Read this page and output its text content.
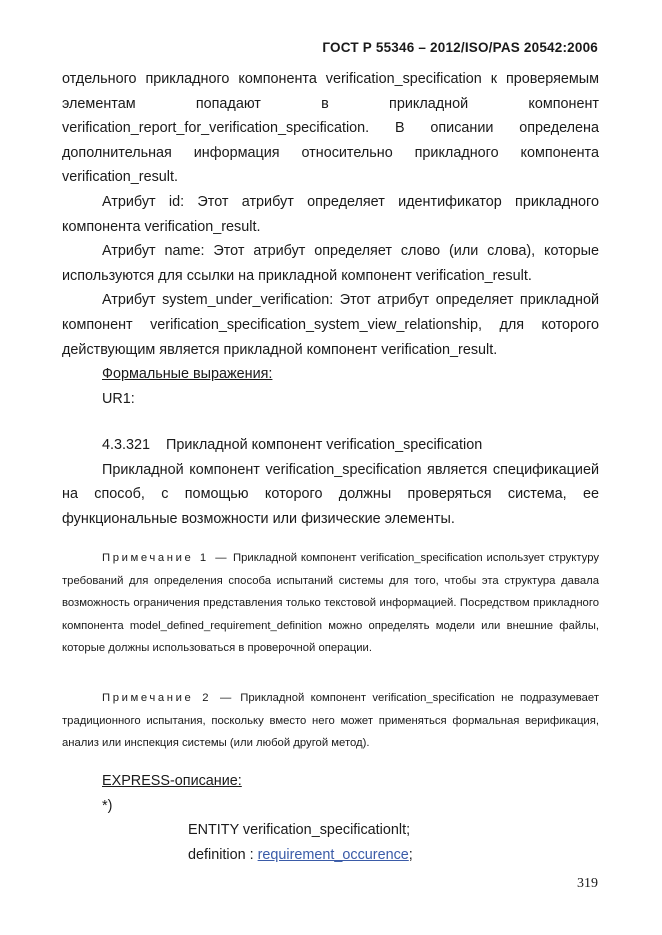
ГОСТ Р 55346 – 2012/ISO/PAS 20542:2006

отдельного прикладного компонента verification_specification к проверяемым элементам попадают в прикладной компонент verification_report_for_verification_specification. В описании определена дополнительная информация относительно прикладного компонента verification_result.

Атрибут id: Этот атрибут определяет идентификатор прикладного компонента verification_result.

Атрибут name: Этот атрибут определяет слово (или слова), которые используются для ссылки на прикладной компонент verification_result.

Атрибут system_under_verification: Этот атрибут определяет прикладной компонент verification_specification_system_view_relationship, для которого действующим является прикладной компонент verification_result.

Формальные выражения:

UR1:

4.3.321 Прикладной компонент verification_specification

Прикладной компонент verification_specification является спецификацией на способ, с помощью которого должны проверяться система, ее функциональные возможности или физические элементы.

Примечание 1 — Прикладной компонент verification_specification использует структуру требований для определения способа испытаний системы для того, чтобы эта структура давала возможность ограничения представления только текстовой информацией. Посредством прикладного компонента model_defined_requirement_definition можно определять модели или внешние файлы, которые должны использоваться в проверочной операции.

Примечание 2 — Прикладной компонент verification_specification не подразумевает традиционного испытания, поскольку вместо него может применяться формальная верификация, анализ или инспекция системы (или любой другой метод).

EXPRESS-описание:

*)

ENTITY verification_specificationlt;

definition : requirement_occurence;

319
